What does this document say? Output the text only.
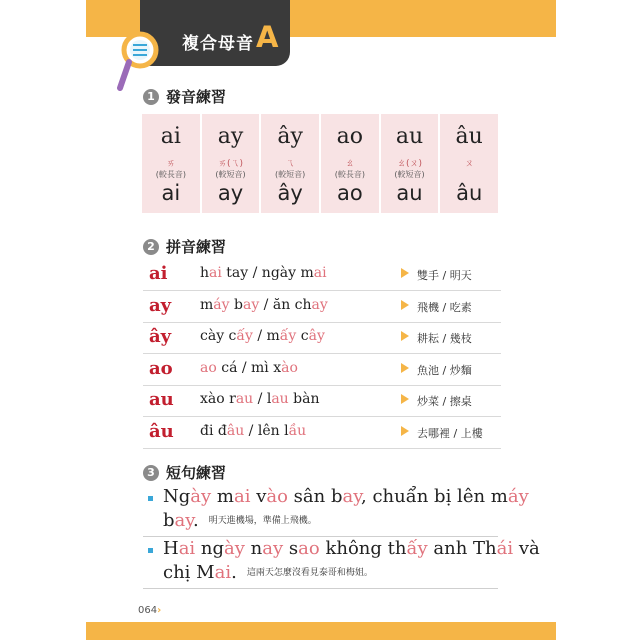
複合母音 A
1 發音練習
ai
ㄞ
(較長音)
ai
ay
ㄞ(ㄟ)
(較短音)
ay
ây
ㄟ
(較短音)
ây
ao
ㄠ
(較長音)
ao
au
ㄠ(ㄡ)
(較短音)
au
âu
ㄡ
âu
2 拼音練習
ai hai tay / ngày mai	雙手 / 明天
ay máy bay / ăn chay	飛機 / 吃素
ây cày cấy / mấy cây	耕耘 / 幾枝
ao ao cá / mì xào	魚池 / 炒麵
au xào rau / lau bàn	炒菜 / 擦桌
âu đi đâu / lên lầu	去哪裡 / 上樓
3 短句練習
Ngày mai vào sân bay, chuẩn bị lên máy
bay. 明天進機場，準備上飛機。
Hai ngày nay sao không thấy anh Thái và
chị Mai. 這兩天怎麼沒看見泰哥和梅姐。
064›
